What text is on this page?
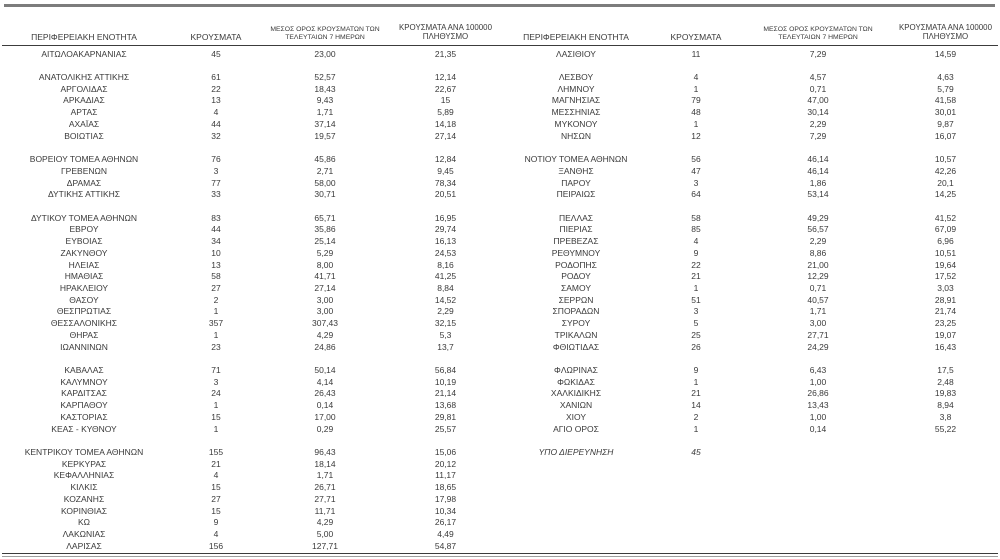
ΠΕΡΙΦΕΡΕΙΑΚΗ ΕΝΟΤΗΤΑ	ΚΡΟΥΣΜΑΤΑ
ΜΕΣΟΣ ΟΡΟΣ ΚΡΟΥΣΜΑΤΩΝ ΤΩΝ
ΤΕΛΕΥΤΑΙΩΝ 7 ΗΜΕΡΩΝ
ΚΡΟΥΣΜΑΤΑ ΑΝΑ 100000
ΠΛΗΘΥΣΜΟ
ΑΙΤΩΛΟΑΚΑΡΝΑΝΙΑΣ	45	23,00	21,35
ΑΝΑΤΟΛΙΚΗΣ ΑΤΤΙΚΗΣ	61	52,57	12,14
ΑΡΓΟΛΙΔΑΣ	22	18,43	22,67
ΑΡΚΑΔΙΑΣ	13	9,43	15
ΑΡΤΑΣ	4	1,71	5,89
ΑΧΑΪΑΣ	44	37,14	14,18
ΒΟΙΩΤΙΑΣ	32	19,57	27,14
ΒΟΡΕΙΟΥ ΤΟΜΕΑ ΑΘΗΝΩΝ	76	45,86	12,84
ΓΡΕΒΕΝΩΝ	3	2,71	9,45
ΔΡΑΜΑΣ	77	58,00	78,34
ΔΥΤΙΚΗΣ ΑΤΤΙΚΗΣ	33	30,71	20,51
ΔΥΤΙΚΟΥ ΤΟΜΕΑ ΑΘΗΝΩΝ	83	65,71	16,95
ΕΒΡΟΥ	44	35,86	29,74
ΕΥΒΟΙΑΣ	34	25,14	16,13
ΖΑΚΥΝΘΟΥ	10	5,29	24,53
ΗΛΕΙΑΣ	13	8,00	8,16
ΗΜΑΘΙΑΣ	58	41,71	41,25
ΗΡΑΚΛΕΙΟΥ	27	27,14	8,84
ΘΑΣΟΥ	2	3,00	14,52
ΘΕΣΠΡΩΤΙΑΣ	1	3,00	2,29
ΘΕΣΣΑΛΟΝΙΚΗΣ	357	307,43	32,15
ΘΗΡΑΣ	1	4,29	5,3
ΙΩΑΝΝΙΝΩΝ	23	24,86	13,7
ΚΑΒΑΛΑΣ	71	50,14	56,84
ΚΑΛΥΜΝΟΥ	3	4,14	10,19
ΚΑΡΔΙΤΣΑΣ	24	26,43	21,14
ΚΑΡΠΑΘΟΥ	1	0,14	13,68
ΚΑΣΤΟΡΙΑΣ	15	17,00	29,81
ΚΕΑΣ - ΚΥΘΝΟΥ	1	0,29	25,57
ΚΕΝΤΡΙΚΟΥ ΤΟΜΕΑ ΑΘΗΝΩΝ	155	96,43	15,06
ΚΕΡΚΥΡΑΣ	21	18,14	20,12
ΚΕΦΑΛΛΗΝΙΑΣ	4	1,71	11,17
ΚΙΛΚΙΣ	15	26,71	18,65
ΚΟΖΑΝΗΣ	27	27,71	17,98
ΚΟΡΙΝΘΙΑΣ	15	11,71	10,34
ΚΩ	9	4,29	26,17
ΛΑΚΩΝΙΑΣ	4	5,00	4,49
ΛΑΡΙΣΑΣ	156	127,71	54,87
ΠΕΡΙΦΕΡΕΙΑΚΗ ΕΝΟΤΗΤΑ	ΚΡΟΥΣΜΑΤΑ
ΜΕΣΟΣ ΟΡΟΣ ΚΡΟΥΣΜΑΤΩΝ ΤΩΝ
ΤΕΛΕΥΤΑΙΩΝ 7 ΗΜΕΡΩΝ
ΚΡΟΥΣΜΑΤΑ ΑΝΑ 100000
ΠΛΗΘΥΣΜΟ
ΛΑΣΙΘΙΟΥ	11	7,29	14,59
ΛΕΣΒΟΥ	4	4,57	4,63
ΛΗΜΝΟΥ	1	0,71	5,79
ΜΑΓΝΗΣΙΑΣ	79	47,00	41,58
ΜΕΣΣΗΝΙΑΣ	48	30,14	30,01
ΜΥΚΟΝΟΥ	1	2,29	9,87
ΝΗΣΩΝ	12	7,29	16,07
ΝΟΤΙΟΥ ΤΟΜΕΑ ΑΘΗΝΩΝ	56	46,14	10,57
ΞΑΝΘΗΣ	47	46,14	42,26
ΠΑΡΟΥ	3	1,86	20,1
ΠΕΙΡΑΙΩΣ	64	53,14	14,25
ΠΕΛΛΑΣ	58	49,29	41,52
ΠΙΕΡΙΑΣ	85	56,57	67,09
ΠΡΕΒΕΖΑΣ	4	2,29	6,96
ΡΕΘΥΜΝΟΥ	9	8,86	10,51
ΡΟΔΟΠΗΣ	22	21,00	19,64
ΡΟΔΟΥ	21	12,29	17,52
ΣΑΜΟΥ	1	0,71	3,03
ΣΕΡΡΩΝ	51	40,57	28,91
ΣΠΟΡΑΔΩΝ	3	1,71	21,74
ΣΥΡΟΥ	5	3,00	23,25
ΤΡΙΚΑΛΩΝ	25	27,71	19,07
ΦΘΙΩΤΙΔΑΣ	26	24,29	16,43
ΦΛΩΡΙΝΑΣ	9	6,43	17,5
ΦΩΚΙΔΑΣ	1	1,00	2,48
ΧΑΛΚΙΔΙΚΗΣ	21	26,86	19,83
ΧΑΝΙΩΝ	14	13,43	8,94
ΧΙΟΥ	2	1,00	3,8
ΑΓΙΟ ΟΡΟΣ	1	0,14	55,22
ΥΠΟ ΔΙΕΡΕΥΝΗΣΗ	45
